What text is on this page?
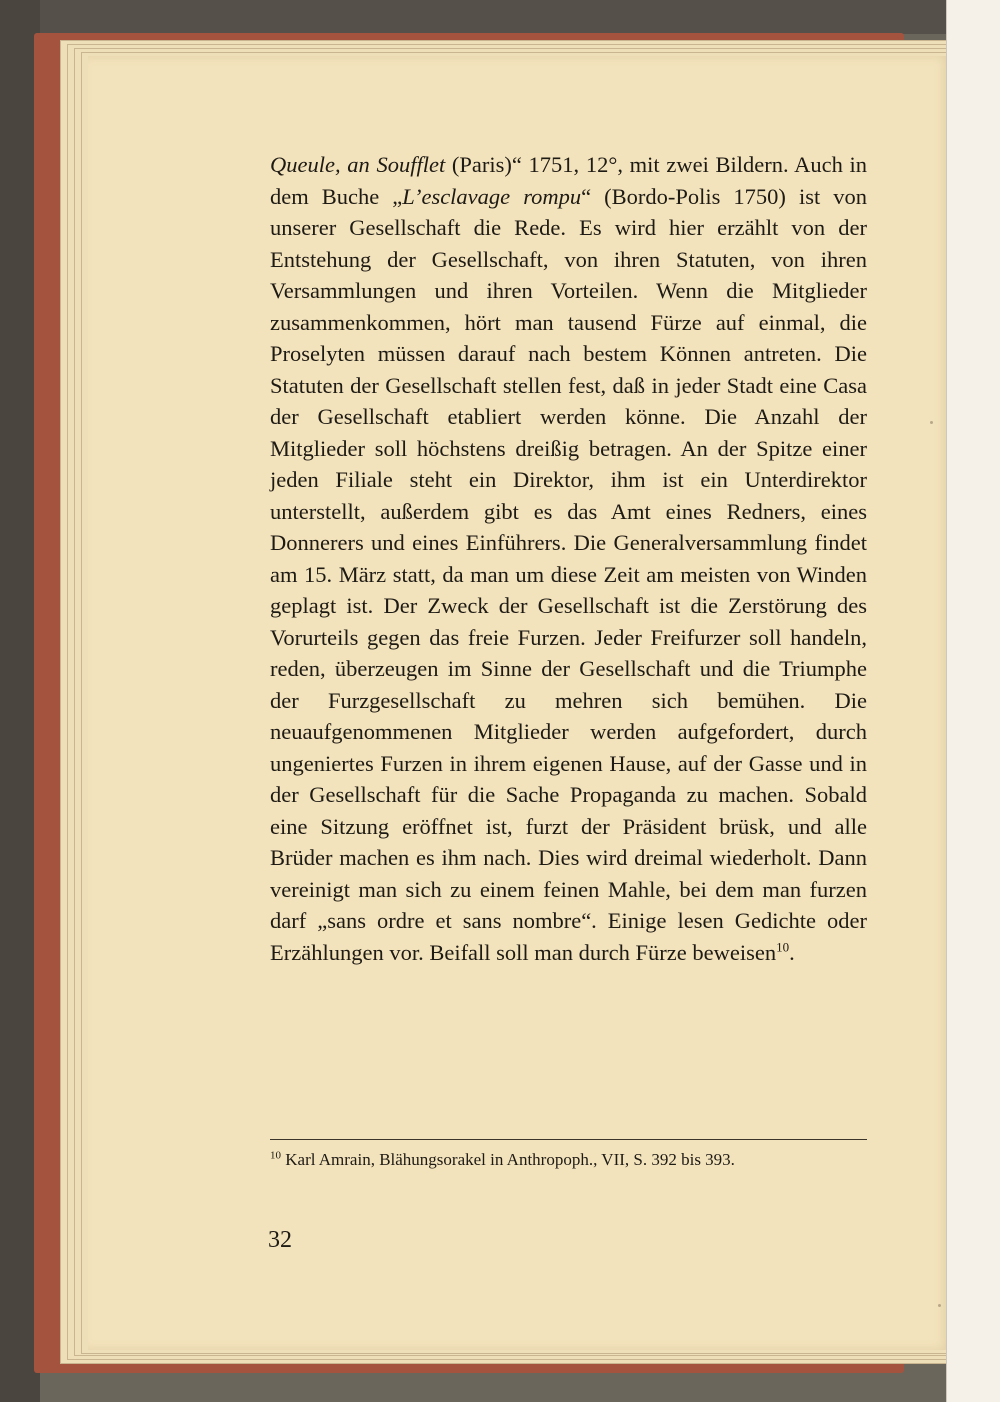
Queule, an Soufflet (Paris)“ 1751, 12°, mit zwei Bildern. Auch in dem Buche „L’esclavage rompu“ (Bordo-Polis 1750) ist von unserer Gesellschaft die Rede. Es wird hier erzählt von der Entstehung der Gesellschaft, von ihren Statuten, von ihren Versammlungen und ihren Vorteilen. Wenn die Mitglieder zusammenkommen, hört man tausend Fürze auf einmal, die Proselyten müssen darauf nach bestem Können antreten. Die Statuten der Gesellschaft stellen fest, daß in jeder Stadt eine Casa der Gesellschaft etabliert werden könne. Die Anzahl der Mitglieder soll höchstens dreißig betragen. An der Spitze einer jeden Filiale steht ein Direktor, ihm ist ein Unterdirektor unterstellt, außerdem gibt es das Amt eines Redners, eines Donnerers und eines Einführers. Die Generalversammlung findet am 15. März statt, da man um diese Zeit am meisten von Winden geplagt ist. Der Zweck der Gesellschaft ist die Zerstörung des Vorurteils gegen das freie Furzen. Jeder Freifurzer soll handeln, reden, überzeugen im Sinne der Gesellschaft und die Triumphe der Furzgesellschaft zu mehren sich bemühen. Die neuaufgenommenen Mitglieder werden aufgefordert, durch ungeniertes Furzen in ihrem eigenen Hause, auf der Gasse und in der Gesellschaft für die Sache Propaganda zu machen. Sobald eine Sitzung eröffnet ist, furzt der Präsident brüsk, und alle Brüder machen es ihm nach. Dies wird dreimal wiederholt. Dann vereinigt man sich zu einem feinen Mahle, bei dem man furzen darf „sans ordre et sans nombre“. Einige lesen Gedichte oder Erzählungen vor. Beifall soll man durch Fürze beweisen$^{10}$.

$^{10}$ Karl Amrain, Blähungsorakel in Anthropoph., VII, S. 392 bis 393.
32
